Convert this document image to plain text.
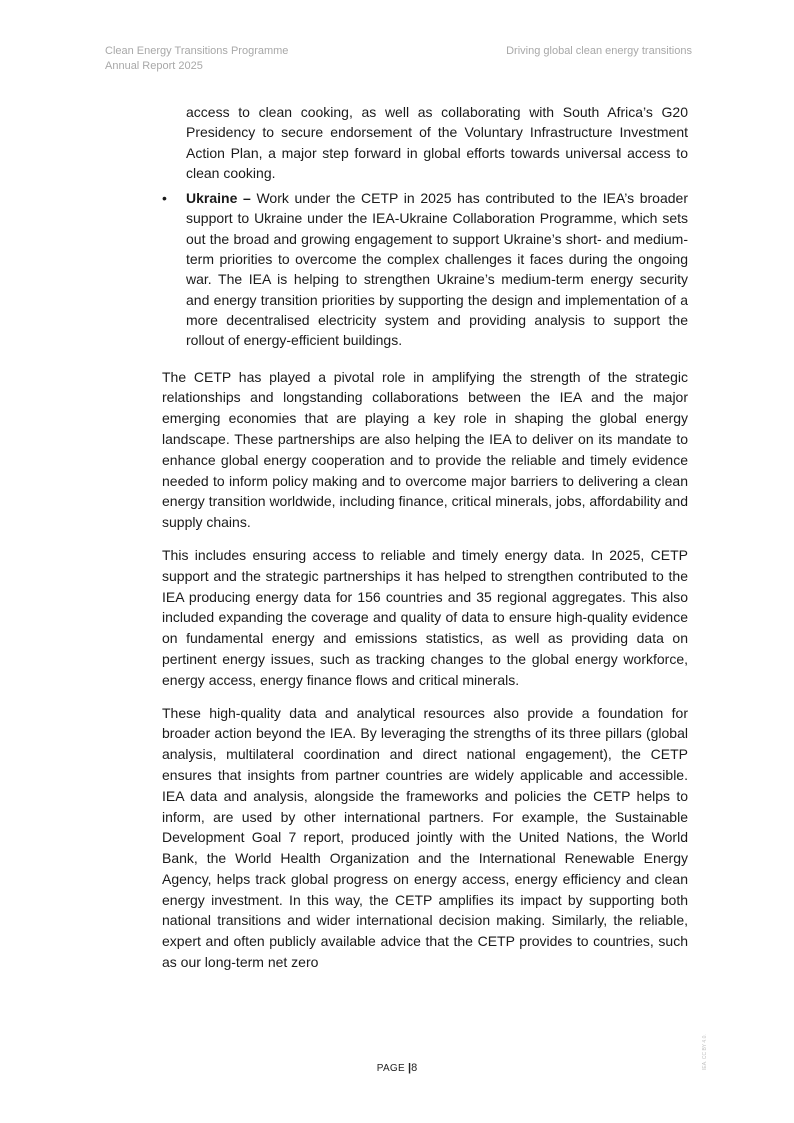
Clean Energy Transitions Programme
Annual Report 2025
Driving global clean energy transitions

access to clean cooking, as well as collaborating with South Africa’s G20 Presidency to secure endorsement of the Voluntary Infrastructure Investment Action Plan, a major step forward in global efforts towards universal access to clean cooking.

• Ukraine – Work under the CETP in 2025 has contributed to the IEA’s broader support to Ukraine under the IEA-Ukraine Collaboration Programme, which sets out the broad and growing engagement to support Ukraine’s short- and medium-term priorities to overcome the complex challenges it faces during the ongoing war. The IEA is helping to strengthen Ukraine’s medium-term energy security and energy transition priorities by supporting the design and implementation of a more decentralised electricity system and providing analysis to support the rollout of energy-efficient buildings.

The CETP has played a pivotal role in amplifying the strength of the strategic relationships and longstanding collaborations between the IEA and the major emerging economies that are playing a key role in shaping the global energy landscape. These partnerships are also helping the IEA to deliver on its mandate to enhance global energy cooperation and to provide the reliable and timely evidence needed to inform policy making and to overcome major barriers to delivering a clean energy transition worldwide, including finance, critical minerals, jobs, affordability and supply chains.

This includes ensuring access to reliable and timely energy data. In 2025, CETP support and the strategic partnerships it has helped to strengthen contributed to the IEA producing energy data for 156 countries and 35 regional aggregates. This also included expanding the coverage and quality of data to ensure high-quality evidence on fundamental energy and emissions statistics, as well as providing data on pertinent energy issues, such as tracking changes to the global energy workforce, energy access, energy finance flows and critical minerals.

These high-quality data and analytical resources also provide a foundation for broader action beyond the IEA. By leveraging the strengths of its three pillars (global analysis, multilateral coordination and direct national engagement), the CETP ensures that insights from partner countries are widely applicable and accessible. IEA data and analysis, alongside the frameworks and policies the CETP helps to inform, are used by other international partners. For example, the Sustainable Development Goal 7 report, produced jointly with the United Nations, the World Bank, the World Health Organization and the International Renewable Energy Agency, helps track global progress on energy access, energy efficiency and clean energy investment. In this way, the CETP amplifies its impact by supporting both national transitions and wider international decision making. Similarly, the reliable, expert and often publicly available advice that the CETP provides to countries, such as our long-term net zero

PAGE |8	IEA. CC BY 4.0.
